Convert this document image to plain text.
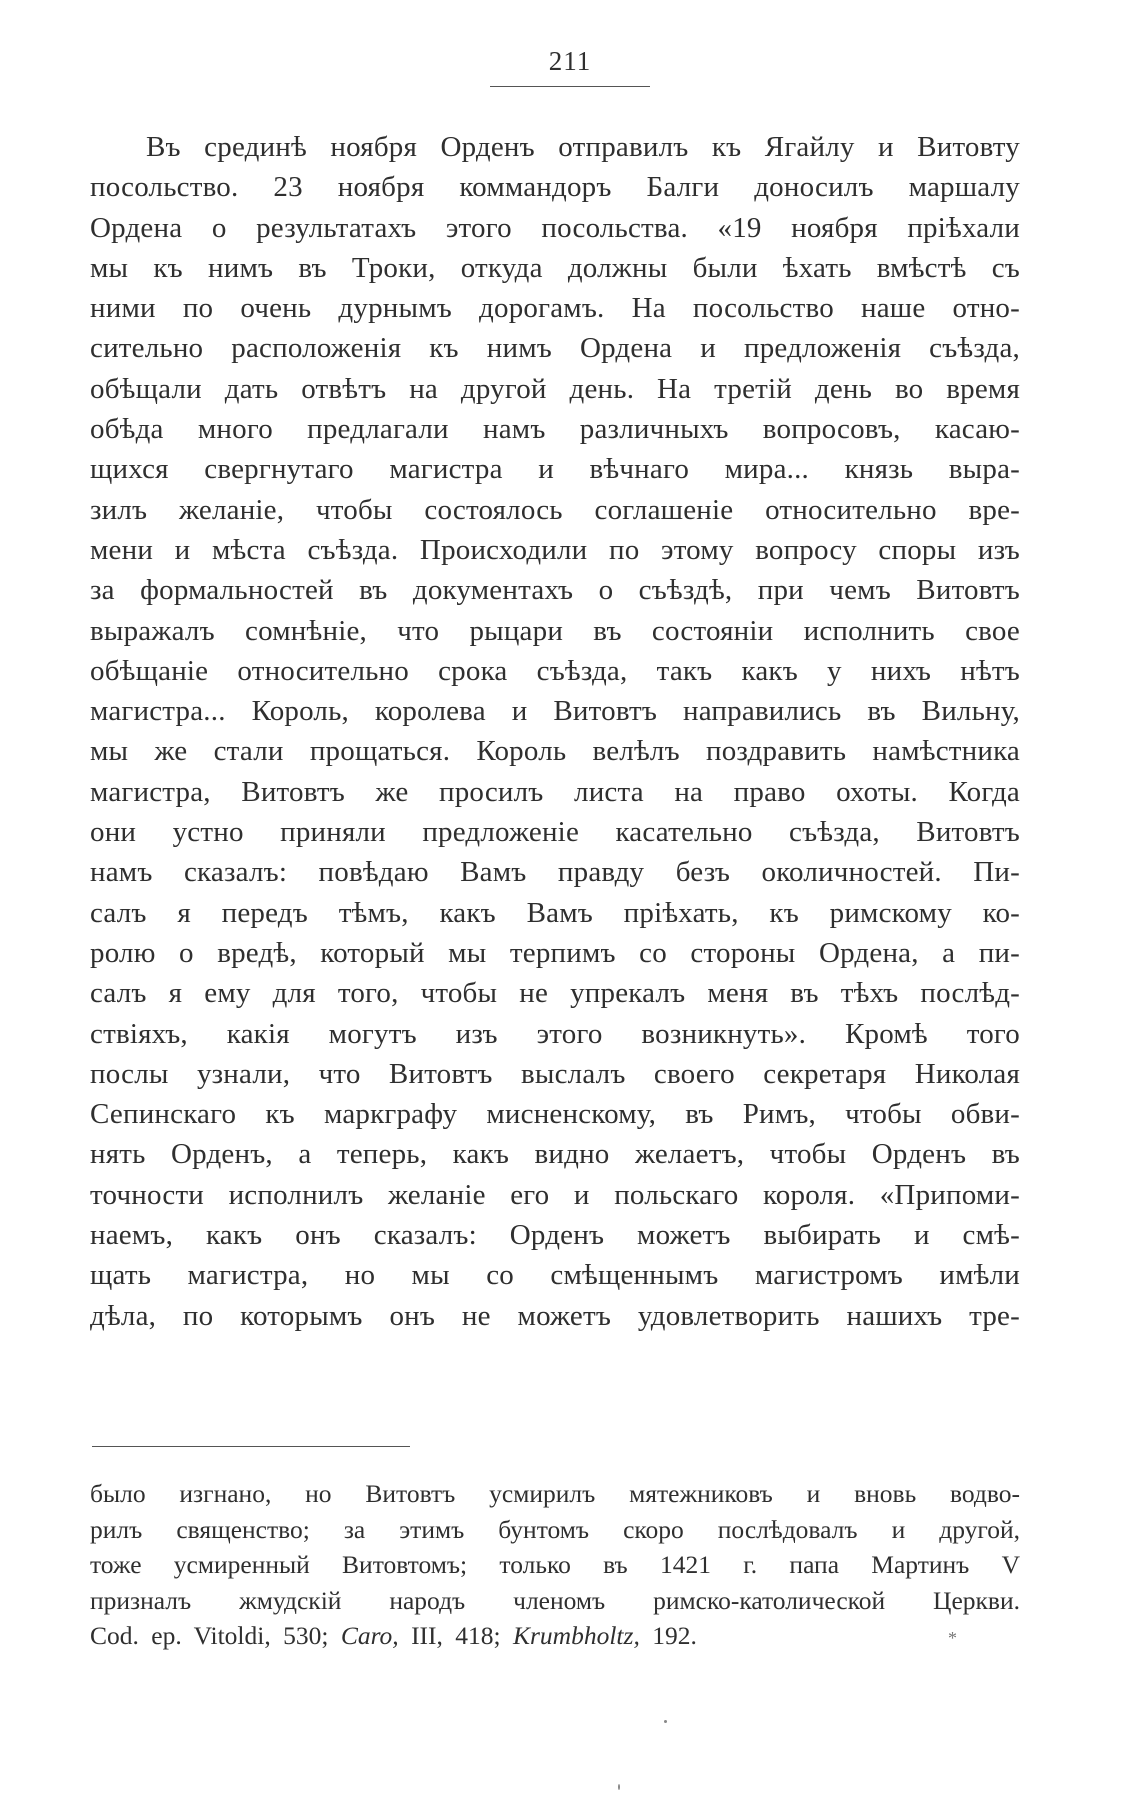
211
Въ срединѣ ноября Орденъ отправилъ къ Ягайлу и Витовту
посольство. 23 ноября коммандоръ Балги доносилъ маршалу
Ордена о результатахъ этого посольства. «19 ноября пріѣхали
мы къ нимъ въ Троки, откуда должны были ѣхать вмѣстѣ съ
ними по очень дурнымъ дорогамъ. На посольство наше отно-
сительно расположенія къ нимъ Ордена и предложенія съѣзда,
обѣщали дать отвѣтъ на другой день. На третій день во время
обѣда много предлагали намъ различныхъ вопросовъ, касаю-
щихся свергнутаго магистра и вѣчнаго мира... князь выра-
зилъ желаніе, чтобы состоялось соглашеніе относительно вре-
мени и мѣста съѣзда. Происходили по этому вопросу споры изъ
за формальностей въ документахъ о съѣздѣ, при чемъ Витовтъ
выражалъ сомнѣніе, что рыцари въ состояніи исполнить свое
обѣщаніе относительно срока съѣзда, такъ какъ у нихъ нѣтъ
магистра... Король, королева и Витовтъ направились въ Вильну,
мы же стали прощаться. Король велѣлъ поздравить намѣстника
магистра, Витовтъ же просилъ листа на право охоты. Когда
они устно приняли предложеніе касательно съѣзда, Витовтъ
намъ сказалъ: повѣдаю Вамъ правду безъ околичностей. Пи-
салъ я передъ тѣмъ, какъ Вамъ пріѣхать, къ римскому ко-
ролю о вредѣ, который мы терпимъ со стороны Ордена, а пи-
салъ я ему для того, чтобы не упрекалъ меня въ тѣхъ послѣд-
ствіяхъ, какія могутъ изъ этого возникнуть». Кромѣ того
послы узнали, что Витовтъ выслалъ своего секретаря Николая
Сепинскаго къ маркграфу мисненскому, въ Римъ, чтобы обви-
нять Орденъ, а теперь, какъ видно желаетъ, чтобы Орденъ въ
точности исполнилъ желаніе его и польскаго короля. «Припоми-
наемъ, какъ онъ сказалъ: Орденъ можетъ выбирать и смѣ-
щать магистра, но мы со смѣщеннымъ магистромъ имѣли
дѣла, по которымъ онъ не можетъ удовлетворить нашихъ тре-
было изгнано, но Витовтъ усмирилъ мятежниковъ и вновь водво-
рилъ священство; за этимъ бунтомъ скоро послѣдовалъ и другой,
тоже усмиренный Витовтомъ; только въ 1421 г. папа Мартинъ V
призналъ жмудскій народъ членомъ римско-католической Церкви.
Cod. ep. Vitoldi, 530; Caro, III, 418; Krumbholtz, 192.	*
